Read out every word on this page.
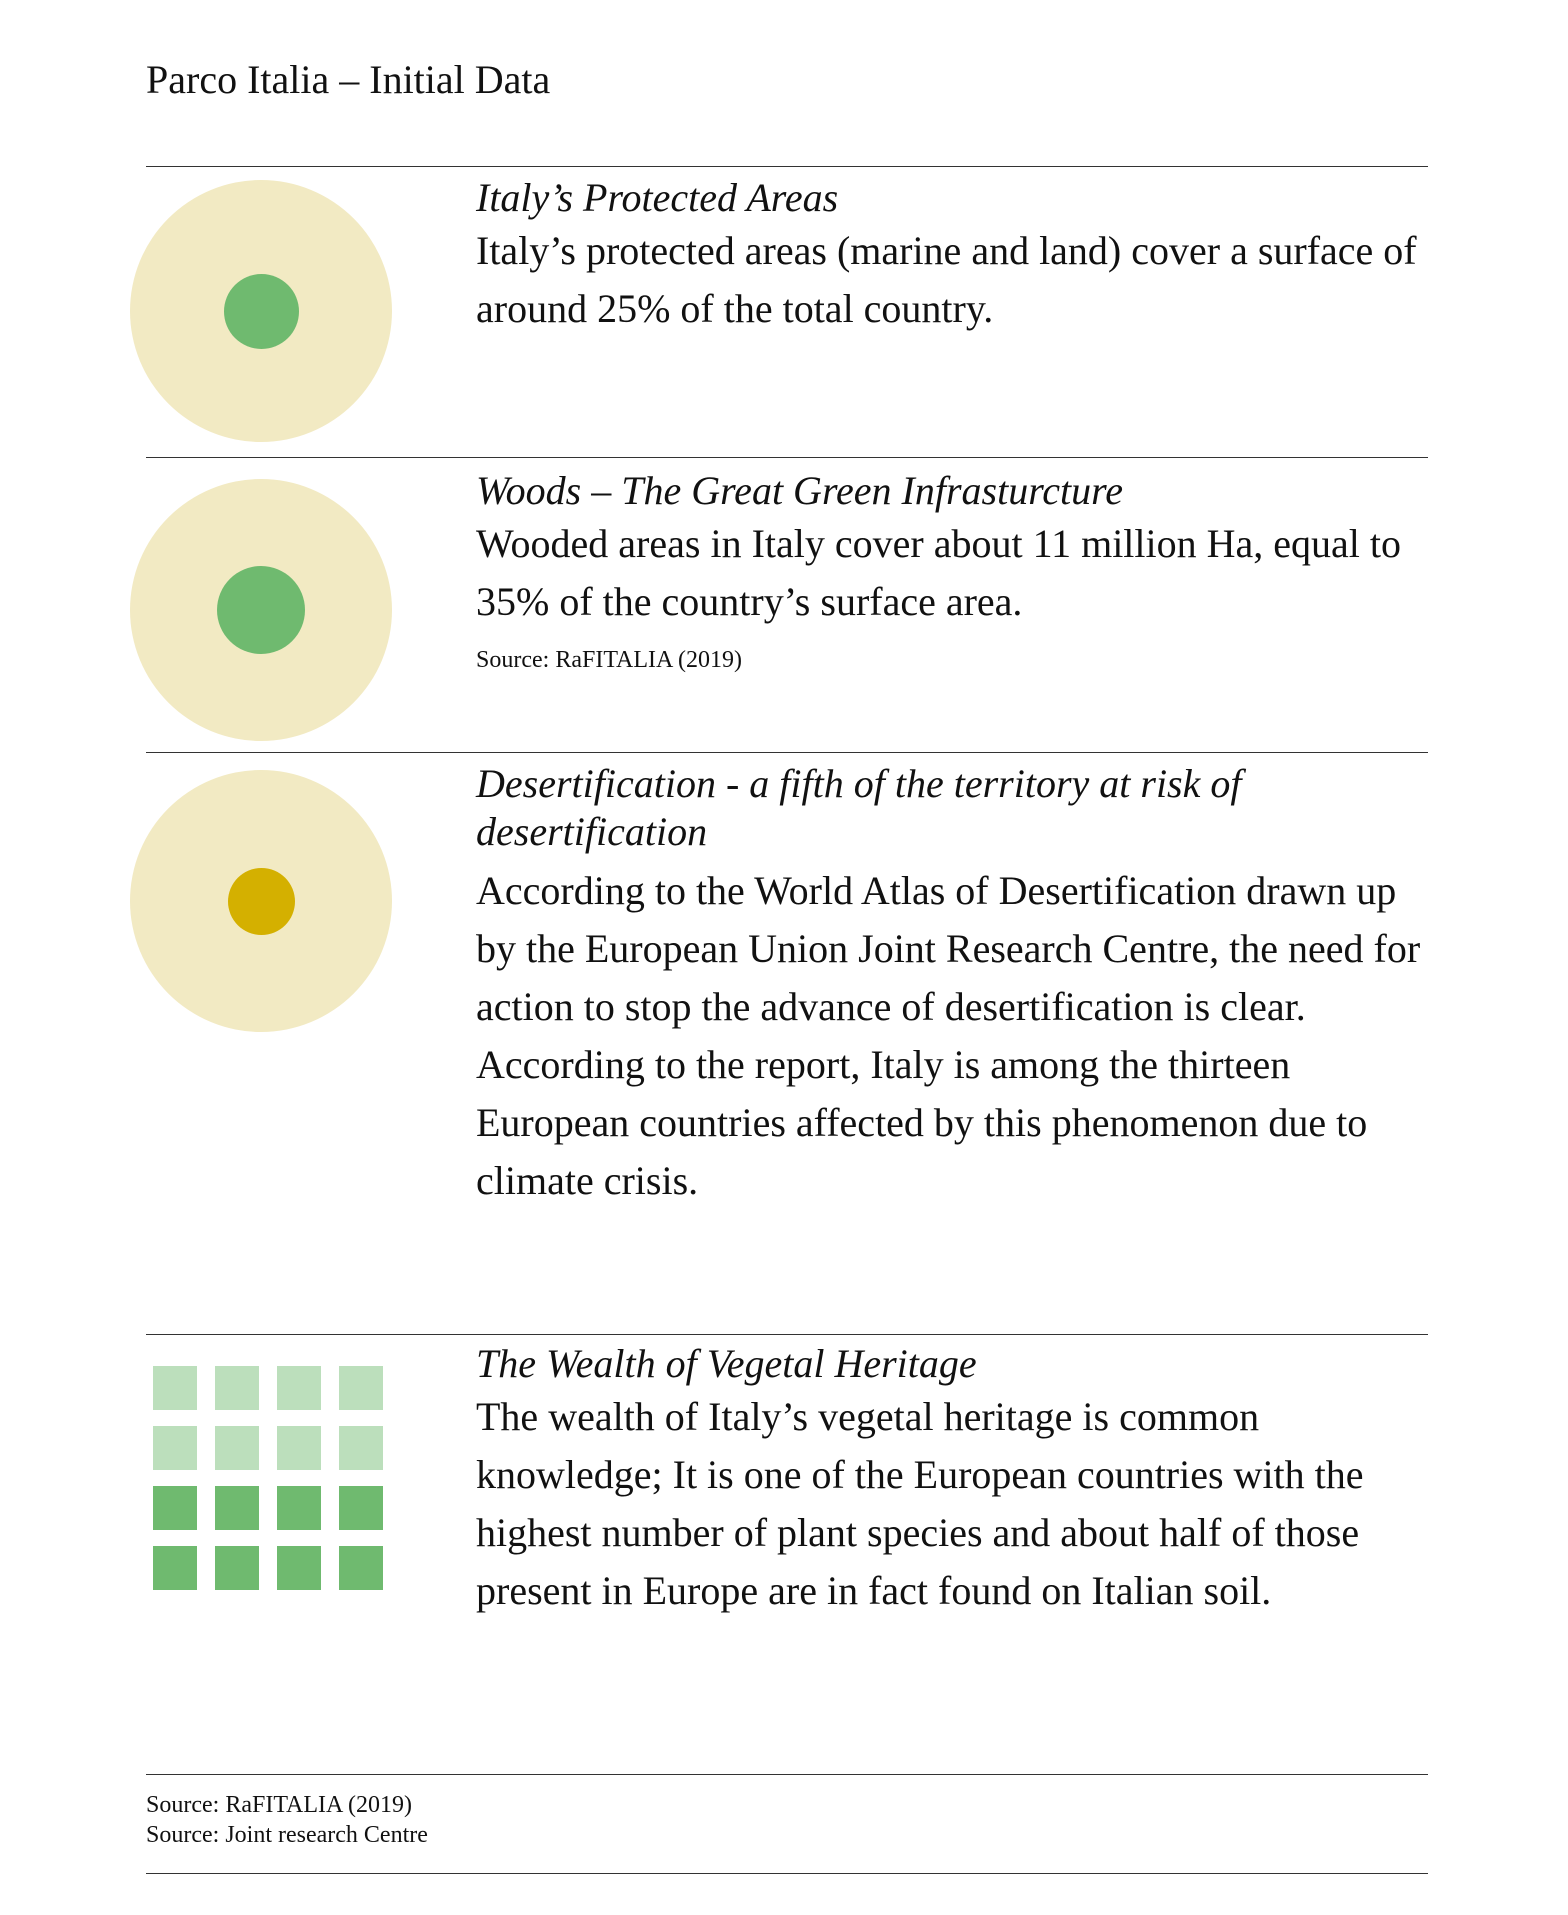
Parco Italia – Initial Data
Italy’s Protected Areas

Italy’s protected areas (marine and land) cover a surface of around 25% of the total country.

Woods – The Great Green Infrasturcture

Wooded areas in Italy cover about 11 million Ha, equal to 35% of the country’s surface area.

Source: RaFITALIA (2019)

Desertification - a fifth of the territory at risk of desertification

According to the World Atlas of Desertification drawn up by the European Union Joint Research Centre, the need for action to stop the advance of desertification is clear. According to the report, Italy is among the thirteen European countries affected by this phenomenon due to climate crisis.

The Wealth of Vegetal Heritage

The wealth of Italy’s vegetal heritage is common knowledge; It is one of the European countries with the highest number of plant species and about half of those present in Europe are in fact found on Italian soil.

Source: RaFITALIA (2019)

Source: Joint research Centre
